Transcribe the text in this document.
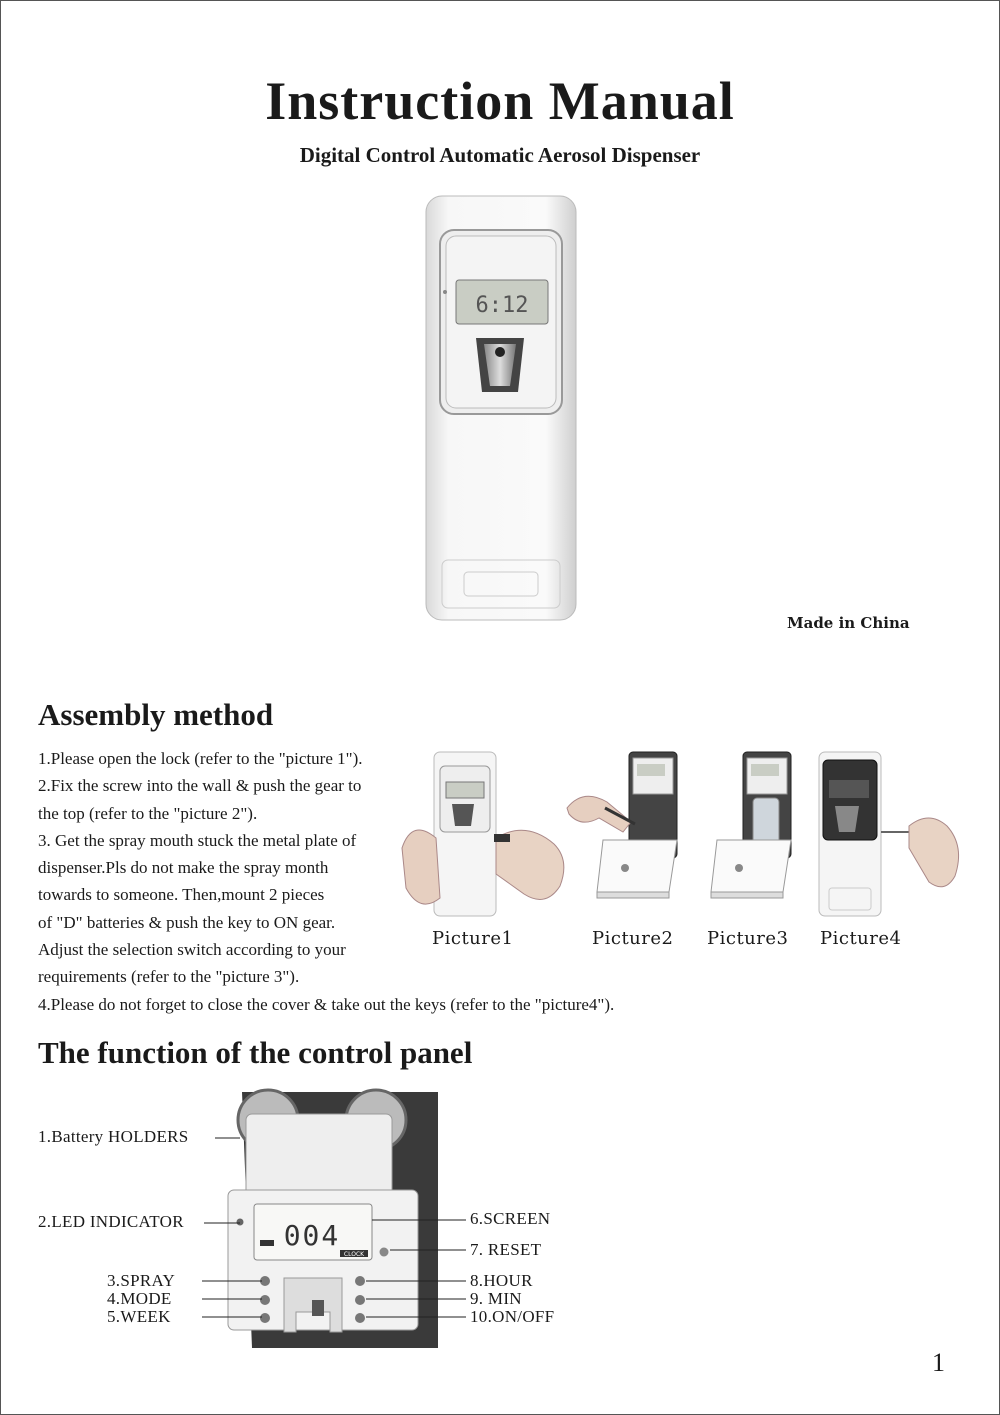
Instruction Manual
Digital Control Automatic Aerosol Dispenser
6:12
Made in China
Assembly method
1.Please open the lock (refer to the "picture 1").
2.Fix the screw into the wall & push the gear to
the top (refer to the "picture 2").
3. Get the spray mouth stuck the metal plate of
dispenser.Pls do not make the spray month
towards to someone. Then,mount 2 pieces
of "D" batteries & push the key to ON gear.
Adjust the selection switch according to your
requirements (refer to the "picture 3").
4.Please do not forget to close the cover & take out the keys (refer to the "picture4").
Picture1	Picture2 Picture3 Picture4
The function of the control panel
004
CLOCK
1.Battery HOLDERS
2.LED INDICATOR
3.SPRAY
4.MODE
5.WEEK
6.SCREEN
7. RESET
8.HOUR
9. MIN
10.ON/OFF
1
